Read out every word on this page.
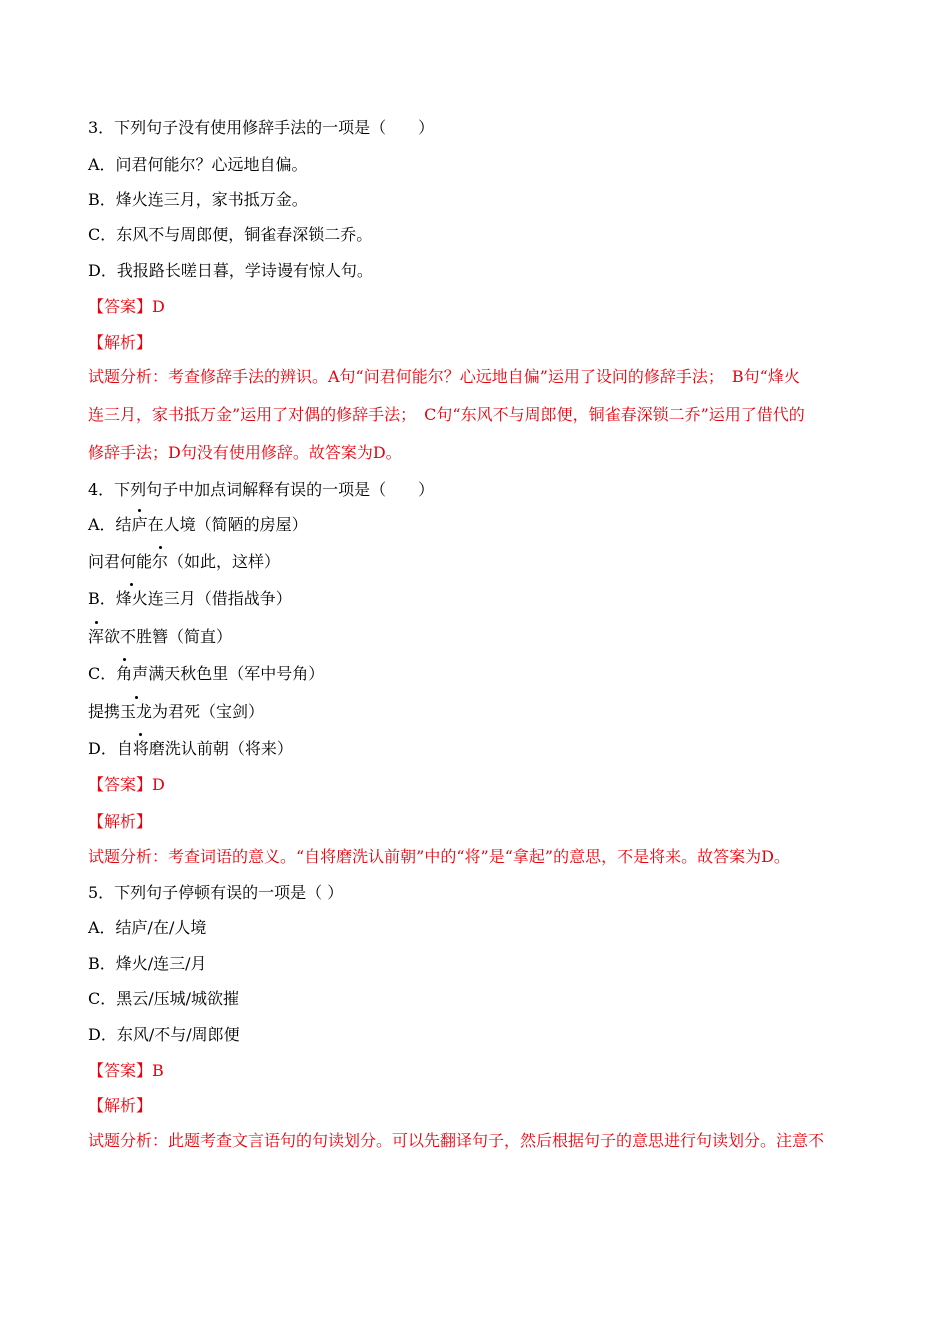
3．下列句子没有使用修辞手法的一项是（　　）
A．问君何能尔？心远地自偏。
B．烽火连三月，家书抵万金。
C．东风不与周郎便，铜雀春深锁二乔。
D．我报路长嗟日暮，学诗谩有惊人句。
【答案】D
【解析】
试题分析：考查修辞手法的辨识。A句“问君何能尔？心远地自偏”运用了设问的修辞手法；　B句“烽火
连三月，家书抵万金”运用了对偶的修辞手法；　C句“东风不与周郎便，铜雀春深锁二乔”运用了借代的
修辞手法；D句没有使用修辞。故答案为D。
4．下列句子中加点词解释有误的一项是（　　）
A．结庐在人境（简陋的房屋）
问君何能尔（如此，这样）
B．烽火连三月（借指战争）
浑欲不胜簪（简直）
C．角声满天秋色里（军中号角）
提携玉龙为君死（宝剑）
D．自将磨洗认前朝（将来）
【答案】D
【解析】
试题分析：考查词语的意义。“自将磨洗认前朝”中的“将”是“拿起”的意思，不是将来。故答案为D。
5．下列句子停顿有误的一项是（ ）
A．结庐/在/人境
B．烽火/连三/月
C．黑云/压城/城欲摧
D．东风/不与/周郎便
【答案】B
【解析】
试题分析：此题考查文言语句的句读划分。可以先翻译句子，然后根据句子的意思进行句读划分。注意不
